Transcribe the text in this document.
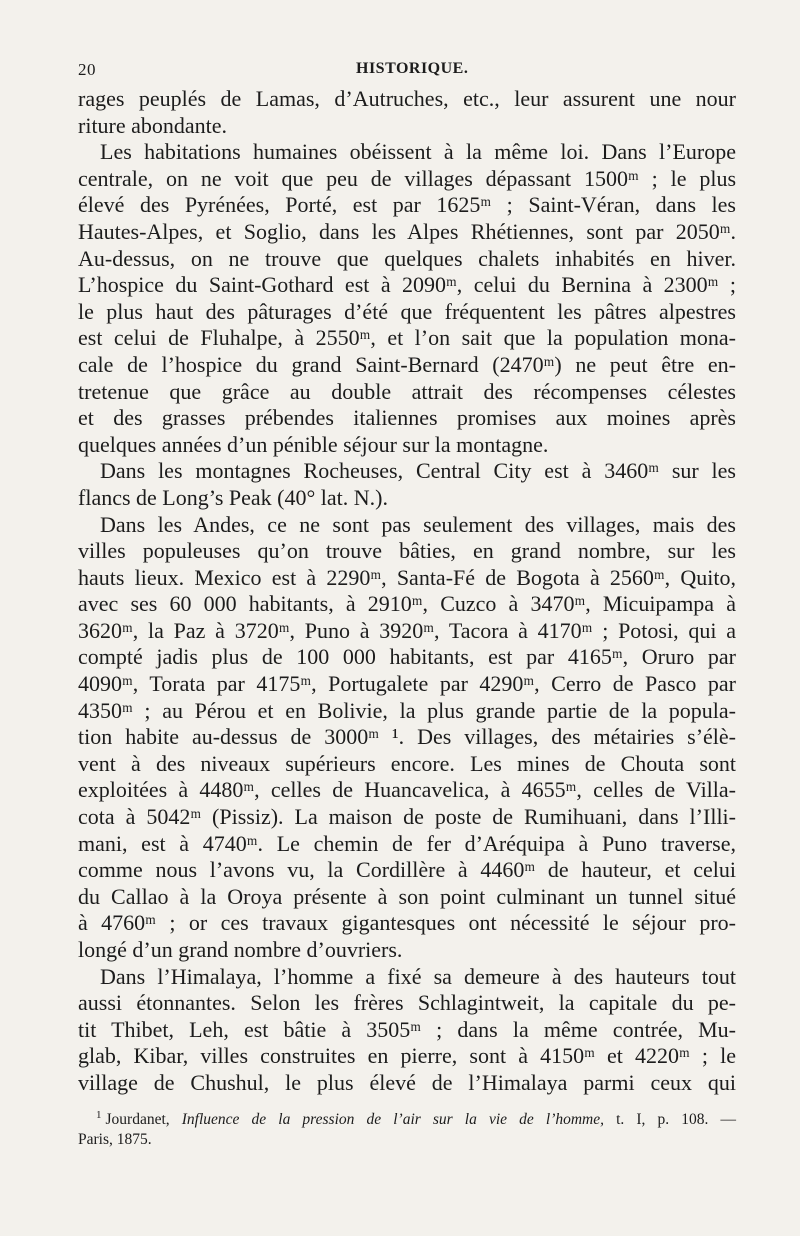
20	HISTORIQUE.
rages peuplés de Lamas, d’Autruches, etc., leur assurent une nour
riture abondante.
Les habitations humaines obéissent à la même loi. Dans l’Europe
centrale, on ne voit que peu de villages dépassant 1500ᵐ ; le plus
élevé des Pyrénées, Porté, est par 1625ᵐ ; Saint-Véran, dans les
Hautes-Alpes, et Soglio, dans les Alpes Rhétiennes, sont par 2050ᵐ.
Au-dessus, on ne trouve que quelques chalets inhabités en hiver.
L’hospice du Saint-Gothard est à 2090ᵐ, celui du Bernina à 2300ᵐ ;
le plus haut des pâturages d’été que fréquentent les pâtres alpestres
est celui de Fluhalpe, à 2550ᵐ, et l’on sait que la population mona-
cale de l’hospice du grand Saint-Bernard (2470ᵐ) ne peut être en-
tretenue que grâce au double attrait des récompenses célestes
et des grasses prébendes italiennes promises aux moines après
quelques années d’un pénible séjour sur la montagne.
Dans les montagnes Rocheuses, Central City est à 3460ᵐ sur les
flancs de Long’s Peak (40° lat. N.).
Dans les Andes, ce ne sont pas seulement des villages, mais des
villes populeuses qu’on trouve bâties, en grand nombre, sur les
hauts lieux. Mexico est à 2290ᵐ, Santa-Fé de Bogota à 2560ᵐ, Quito,
avec ses 60 000 habitants, à 2910ᵐ, Cuzco à 3470ᵐ, Micuipampa à
3620ᵐ, la Paz à 3720ᵐ, Puno à 3920ᵐ, Tacora à 4170ᵐ ; Potosi, qui a
compté jadis plus de 100 000 habitants, est par 4165ᵐ, Oruro par
4090ᵐ, Torata par 4175ᵐ, Portugalete par 4290ᵐ, Cerro de Pasco par
4350ᵐ ; au Pérou et en Bolivie, la plus grande partie de la popula-
tion habite au-dessus de 3000ᵐ ¹. Des villages, des métairies s’élè-
vent à des niveaux supérieurs encore. Les mines de Chouta sont
exploitées à 4480ᵐ, celles de Huancavelica, à 4655ᵐ, celles de Villa-
cota à 5042ᵐ (Pissiz). La maison de poste de Rumihuani, dans l’Illi-
mani, est à 4740ᵐ. Le chemin de fer d’Aréquipa à Puno traverse,
comme nous l’avons vu, la Cordillère à 4460ᵐ de hauteur, et celui
du Callao à la Oroya présente à son point culminant un tunnel situé
à 4760ᵐ ; or ces travaux gigantesques ont nécessité le séjour pro-
longé d’un grand nombre d’ouvriers.
Dans l’Himalaya, l’homme a fixé sa demeure à des hauteurs tout
aussi étonnantes. Selon les frères Schlagintweit, la capitale du pe-
tit Thibet, Leh, est bâtie à 3505ᵐ ; dans la même contrée, Mu-
glab, Kibar, villes construites en pierre, sont à 4150ᵐ et 4220ᵐ ; le
village de Chushul, le plus élevé de l’Himalaya parmi ceux qui
$^1$ Jourdanet, Influence de la pression de l’air sur la vie de l’homme, t. I, p. 108. —
Paris, 1875.
